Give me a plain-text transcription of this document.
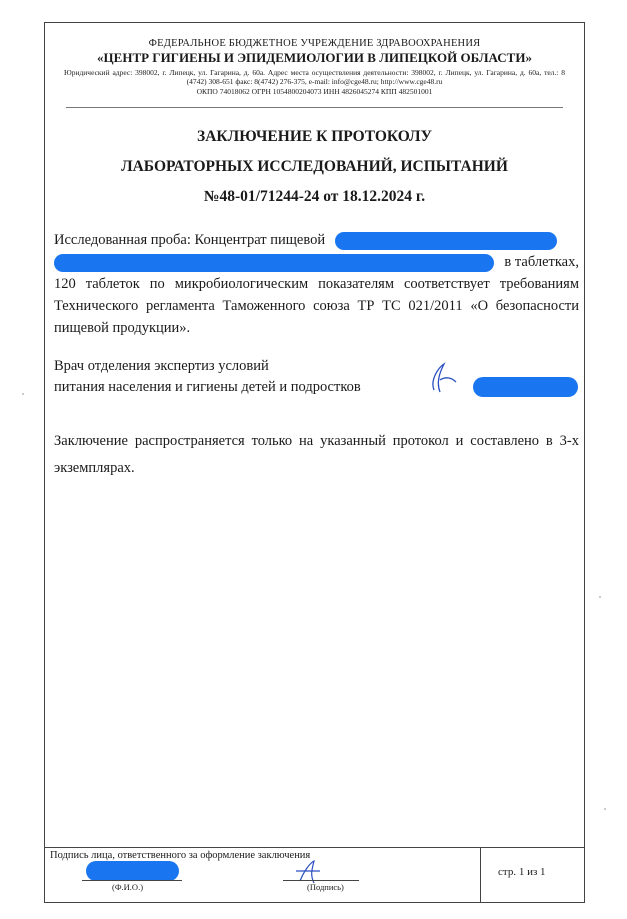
ФЕДЕРАЛЬНОЕ БЮДЖЕТНОЕ УЧРЕЖДЕНИЕ ЗДРАВООХРАНЕНИЯ
«ЦЕНТР ГИГИЕНЫ И ЭПИДЕМИОЛОГИИ В ЛИПЕЦКОЙ ОБЛАСТИ»
Юридический адрес: 398002, г. Липецк, ул. Гагарина, д. 60а. Адрес места осуществления деятельности: 398002, г. Липецк, ул. Гагарина, д. 60а, тел.: 8 (4742) 308-651 факс: 8(4742) 276-375, e-mail: info@cge48.ru; http://www.cge48.ru
ОКПО 74018062 ОГРН 1054800204073 ИНН 4826045274 КПП 482501001
ЗАКЛЮЧЕНИЕ К ПРОТОКОЛУ
ЛАБОРАТОРНЫХ ИССЛЕДОВАНИЙ, ИСПЫТАНИЙ
№48-01/71244-24 от 18.12.2024 г.
Исследованная проба: Концентрат пищевой
в таблетках,
120 таблеток по микробиологическим показателям соответствует требованиям Технического регламента Таможенного союза ТР ТС 021/2011 «О безопасности пищевой продукции».
Врач отделения экспертиз условий
питания населения и гигиены детей и подростков
Заключение распространяется только на указанный протокол и составлено в 3-х экземплярах.
Подпись лица, ответственного за оформление заключения
(Ф.И.О.)	(Подпись)
стр. 1 из 1
